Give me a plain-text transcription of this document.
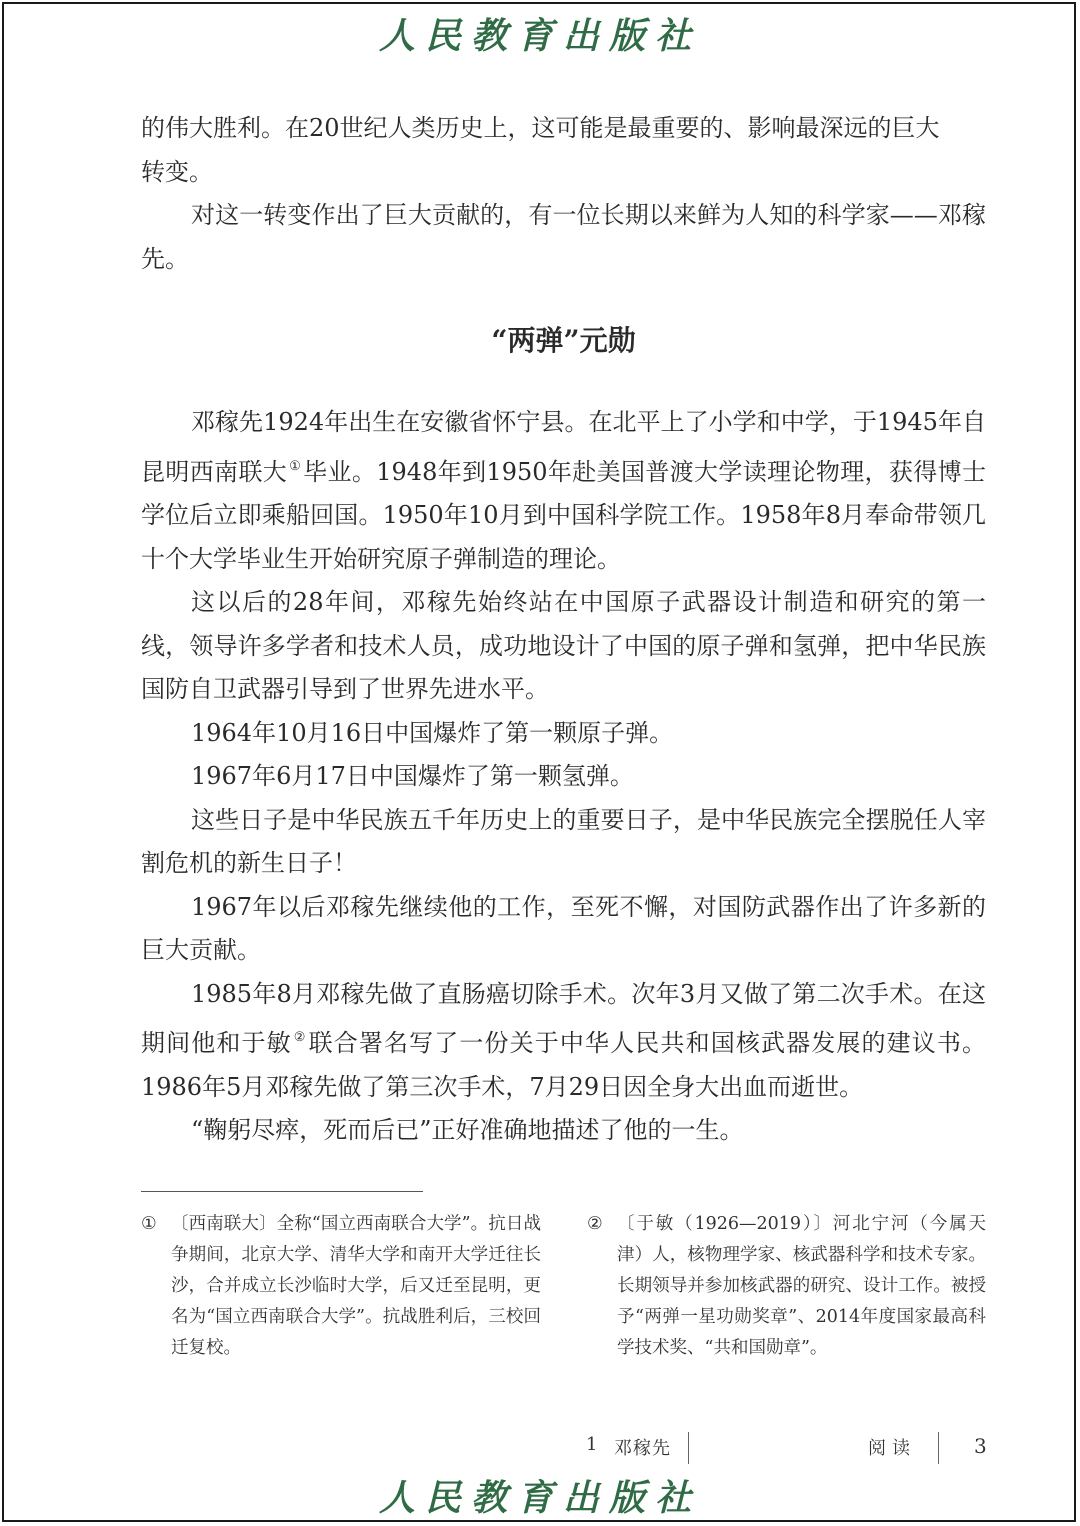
人民教育出版社

的伟大胜利。在20世纪人类历史上，这可能是最重要的、影响最深远的巨大
转变。

对这一转变作出了巨大贡献的，有一位长期以来鲜为人知的科学家——邓稼先。

“两弹”元勋

邓稼先1924年出生在安徽省怀宁县。在北平上了小学和中学，于1945年自昆明西南联大 ①毕业。1948年到1950年赴美国普渡大学读理论物理，获得博士学位后立即乘船回国。1950年10月到中国科学院工作。1958年8月奉命带领几十个大学毕业生开始研究原子弹制造的理论。

这以后的28年间，邓稼先始终站在中国原子武器设计制造和研究的第一线，领导许多学者和技术人员，成功地设计了中国的原子弹和氢弹，把中华民族国防自卫武器引导到了世界先进水平。

1964年10月16日中国爆炸了第一颗原子弹。

1967年6月17日中国爆炸了第一颗氢弹。

这些日子是中华民族五千年历史上的重要日子，是中华民族完全摆脱任人宰割危机的新生日子！

1967年以后邓稼先继续他的工作，至死不懈，对国防武器作出了许多新的巨大贡献。

1985年8月邓稼先做了直肠癌切除手术。次年3月又做了第二次手术。在这期间他和于敏 ②联合署名写了一份关于中华人民共和国核武器发展的建议书。1986年5月邓稼先做了第三次手术，7月29日因全身大出血而逝世。

“鞠躬尽瘁，死而后已”正好准确地描述了他的一生。

① 〔西南联大〕全称“国立西南联合大学”。抗日战争期间，北京大学、清华大学和南开大学迁往长沙，合并成立长沙临时大学，后又迁至昆明，更名为“国立西南联合大学”。抗战胜利后，三校回迁复校。
② 〔于敏（1926—2019）〕河北宁河（今属天津）人，核物理学家、核武器科学和技术专家。长期领导并参加核武器的研究、设计工作。被授予“两弹一星功勋奖章”、2014年度国家最高科学技术奖、“共和国勋章”。
1 邓稼先	阅读	3
人民教育出版社
